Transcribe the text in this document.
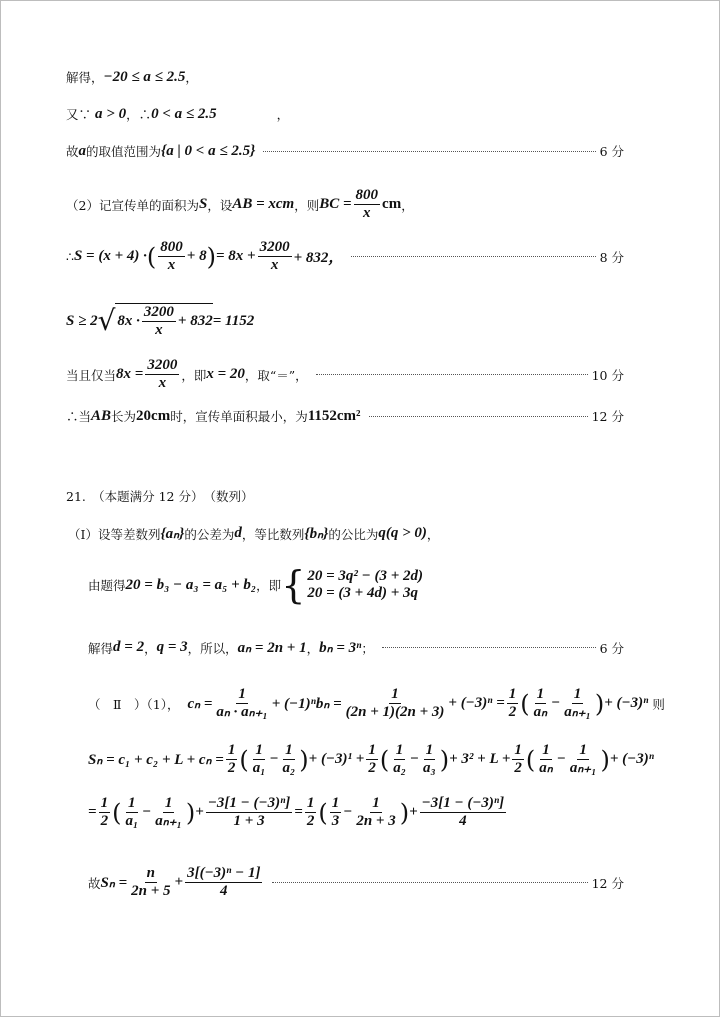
解得， −20 ≤ a ≤ 2.5 ，
又∵ a > 0 ，∴ 0 < a ≤ 2.5	，
故 a 的取值范围为 {a | 0 < a ≤ 2.5}	6 分
（2）记宣传单的面积为 S ，设 AB = xcm ，则 BC = $\frac{800}{x}$ cm ，
∴ S = (x + 4) · ( $\frac{800}{x} + 8$ ) = $8x + \frac{3200}{x} + 832$，	8 分
S ≥ 2 √ $8x \cdot \frac{3200}{x} + 832 = 1152$
当且仅当 $8x = \frac{3200}{x}$ ，即 x = 20 ，取“＝”，	10 分
∴当 AB 长为 20cm 时，宣传单面积最小，为 1152cm²	12 分
21.　（本题满分 12 分）　（数列）
（Ⅰ）设等差数列 {aₙ} 的公差为 d ，等比数列 {bₙ} 的公比为 q(q > 0) ，
由题得 20 = b₃ − a₃ = a₅ + b₂ ，即 { 20 = 3q² − (3 + 2d)
20 = (3 + 4d) + 3q
解得 d = 2 ， q = 3 ，所以， aₙ = 2n + 1 ， bₙ = 3ⁿ ；	6 分
（　Ⅱ　）（1）， $c_n = \frac{1}{\text{aₙ · aₙ₊₁}} + (-1)^nb_n = \frac{1}{(2n + 1)(2n + 3)} + (-3)^n = \frac{1}{2}$ ( $\frac{1}{\text{aₙ}} - \frac{1}{\text{aₙ₊₁}}$ ) + (−3)ⁿ 则
$S_n = c_1 + c_2 + L + c_n = \frac{1}{2}$ ( $\frac{1}{\text{a₁}} - \frac{1}{\text{a₂}}$ ) + $(-3)^1 + \frac{1}{2}$ ( $\frac{1}{\text{a₂}} - \frac{1}{\text{a₃}}$ ) + $3^2 + L + \frac{1}{2}$ ( $\frac{1}{\text{aₙ}} - \frac{1}{\text{aₙ₊₁}}$ ) + (−3)ⁿ
= $\frac{1}{2}$ ( $\frac{1}{\text{a₁}} - \frac{1}{\text{aₙ₊₁}}$ ) + $\frac{\text{−3[1 − (−3)ⁿ]}}{1 + 3} = \frac{1}{2}$ ( $\frac{1}{3} - \frac{1}{2n + 3}$ ) + $\frac{\text{−3[1 − (−3)ⁿ]}}{4}$
故 $S_n = \frac{n}{2n + 5} + \frac{\text{3[(−3)ⁿ − 1]}}{4}$	12 分
